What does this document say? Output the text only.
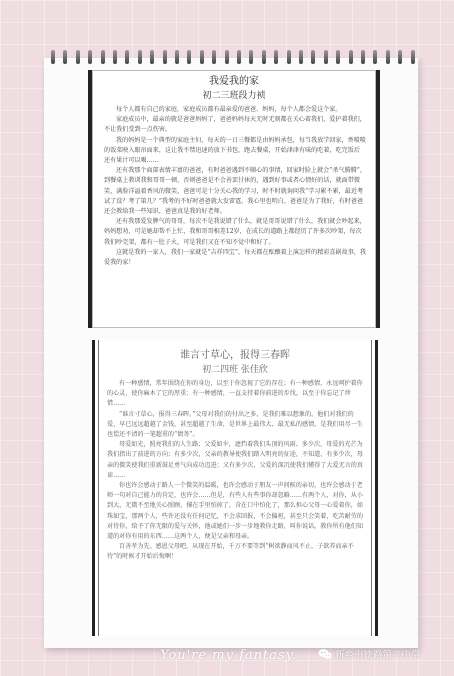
我爱我的家
初二三班段力祯

每个人都有自己的家庭，家庭成员都有最亲爱的爸爸、妈妈，每个人都会爱这个家。

家庭成员中，最亲的就是爸爸妈妈了，爸爸妈妈每天无时无刻都在关心着我们，爱护着我们，不让我们受到一点伤害。

我的妈妈是一个典型的家庭主妇，每天的一日三餐都是由妈妈承包，每当我放学回家，香喷喷的饭菜映入眼帘面来，这让我不禁迅速的放下书包，跑去餐桌，开始津津有味的吃着，吃完饭后还有果汁可以喝……

还有我那个面部表情丰富的爸爸，有时爸爸遇到不顺心的事情，回家时脸上就会“杀气腾腾”，到餐桌上教训我和哥哥一顿，否则爸爸是不会善罢甘休的，遇到好事或者心情好的话，就面带微笑，满脸洋溢着香风的微笑，爸爸可是十分关心我的学习，时不时就询问我“学习累不累，最近考试了没？考了第几？”我考的不好时爸爸就大发雷霆，我心里也明白，爸爸是为了我好，有时爸爸还会教给我一些知识，爸爸真是我的好老师。

还有我那爱发脾气的哥哥，每次不是我说错了什么，就是哥哥说错了什么，我们就会吵起来，妈妈想劝，可是她却帮不上忙，我和哥哥相差12岁，在成长的道路上都经历了许多次吵架，每次我们吵完架，都有一肚子火，可是我们又在不知不觉中和好了。

这就是我的一家人，我们一家就是“吉祥四宝”，每天都在酝酿着上演怎样的精彩喜剧故事，我爱我的家！

谁言寸草心，报得三春晖
初二四班 张佳欣

有一种感情，常年围绕在你的身边，以至于你忽视了它的存在；有一种感情，永远呵护着你的心灵，使你麻木了它的厚重；有一种感情，一直支持着你前进的步伐，以至于你忘记了珍惜……

“谁言寸草心，报得三春晖。”父母对我们的付出之多，是我们难以想象的。他们对我们的爱，早已远远超越了金钱，甚至超越了生命，是世界上最伟大、最无私的感情，是我们用尽一生也偿还不清的一笔超重的“债务”。

母爱如光，照亮我们的人生路；父爱如伞，遮挡着我们头顶的风雨。多少次，母爱的光芒为我们指出了前进的方向；有多少次，父亲的教导使我们踏入明亮的征途，不知道，有多少次，母亲的微笑使我们重新鼓足勇气向成功迈进；又有多少次，父爱的深沉使我们懂得了大爱无言的真谛……

你也许会感动于路人一个微笑的温暖，也许会感动于朋友一声问候的亲切，也许会感动于老师一句对自己能力的肯定，也许会……但是，有些人有些事你却忽略……有两个人，对你，从小到大，无微不至地关心照顾，撑在手里怕掉了，含在口中怕化了，那么担心父母一心爱着你，如珠如宝，那两个人，些许还没有任何记忆，不会求回报，不会偏袒，甚至只会笑着，吃苦耐劳的对待你，给予了你无限的爱与关怀，他或她们一步一步地教你走路，叫你说话，教你所有他们知道的对你有用的东西……这两个人，便是父亲和母亲。

百善孝为先。感恩父母吧，从现在开始，千万不要等到“树欲静而风不止，子欲养而亲不待”的时候才开始后悔啊！

You're my fantasy.	新乡市铁路第二中学
